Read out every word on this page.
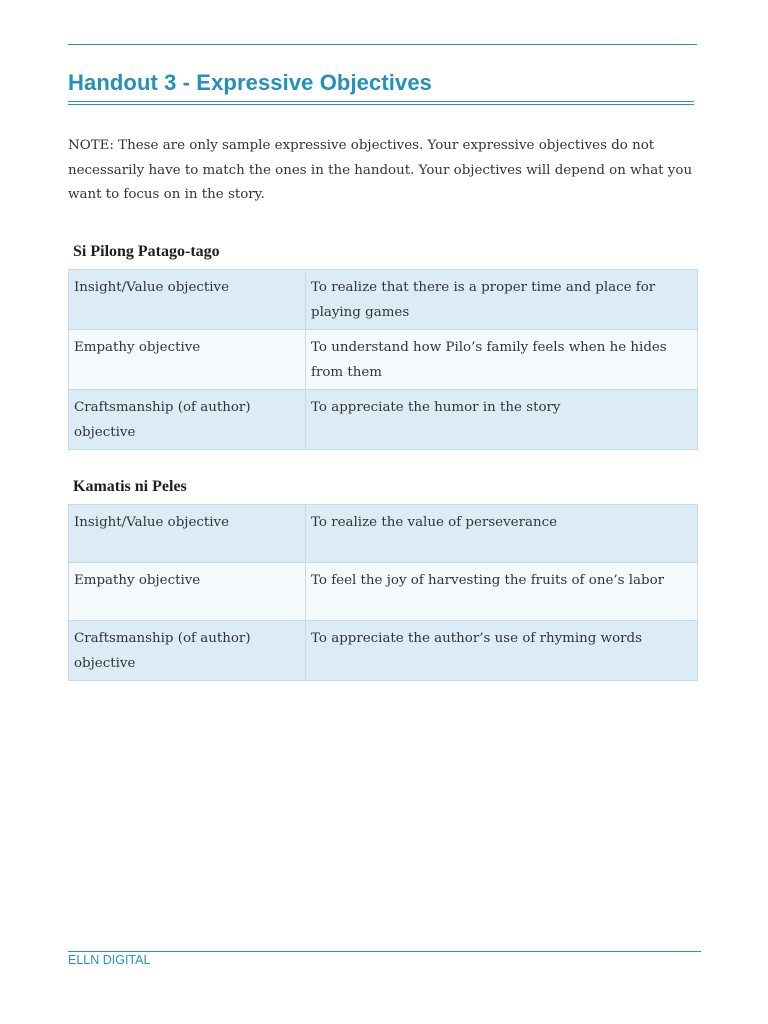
Handout 3 - Expressive Objectives

NOTE: These are only sample expressive objectives. Your expressive objectives do not necessarily have to match the ones in the handout. Your objectives will depend on what you want to focus on in the story.

Si Pilong Patago-tago
Insight/Value objective	To realize that there is a proper time and place for playing games
Empathy objective	To understand how Pilo’s family feels when he hides from them
Craftsmanship (of author) objective	To appreciate the humor in the story
Kamatis ni Peles
Insight/Value objective	To realize the value of perseverance
Empathy objective	To feel the joy of harvesting the fruits of one’s labor
Craftsmanship (of author) objective	To appreciate the author’s use of rhyming words

ELLN DIGITAL
